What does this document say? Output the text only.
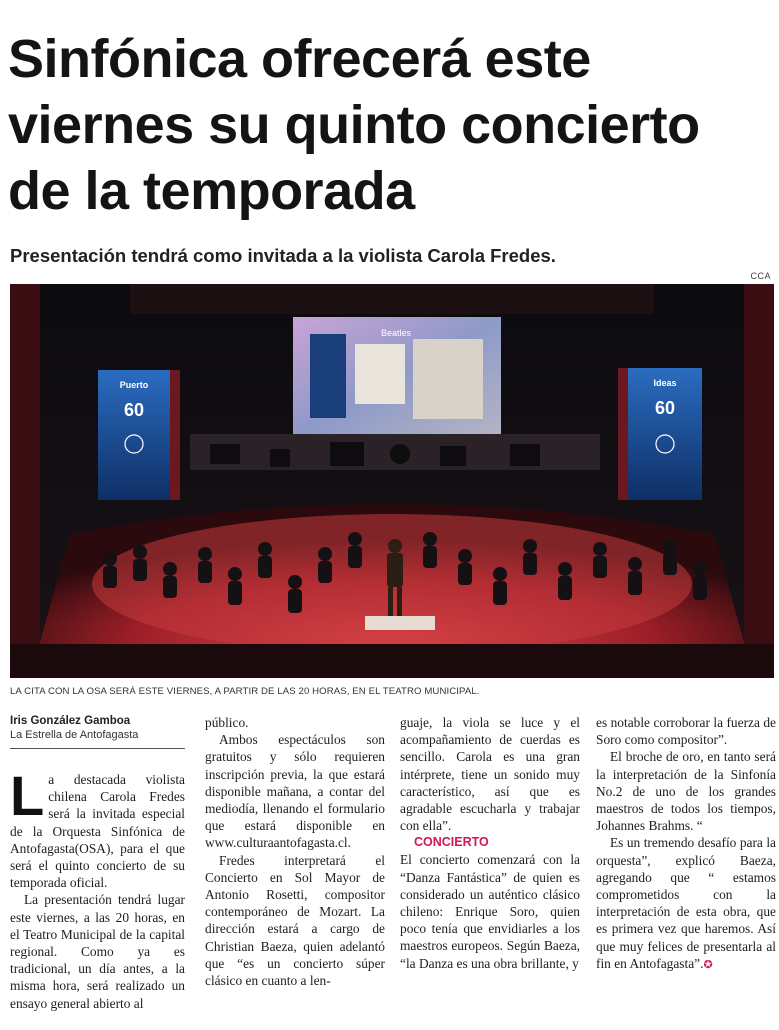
Sinfónica ofrecerá este viernes su quinto concierto de la temporada

Presentación tendrá como invitada a la violista Carola Fredes.

CCA
Beatles
Puerto
60
Ideas
60
LA CITA CON LA OSA SERÁ ESTE VIERNES, A PARTIR DE LAS 20 HORAS, EN EL TEATRO MUNICIPAL.
Iris González Gamboa
La Estrella de Antofagasta

La destacada violista chilena Carola Fredes será la invitada especial de la Orquesta Sinfónica de Antofagasta(OSA), para el que será el quinto concierto de su temporada oficial.

La presentación tendrá lugar este viernes, a las 20 horas, en el Teatro Municipal de la capital regional. Como ya es tradicional, un día antes, a la misma hora, será realizado un ensayo general abierto al

público.

Ambos espectáculos son gratuitos y sólo requieren inscripción previa, la que estará disponible mañana, a contar del mediodía, llenando el formulario que estará disponible en www.culturaantofagasta.cl.

Fredes interpretará el Concierto en Sol Mayor de Antonio Rosetti, compositor contemporáneo de Mozart. La dirección estará a cargo de Christian Baeza, quien adelantó que “es un concierto súper clásico en cuanto a len-

guaje, la viola se luce y el acompañamiento de cuerdas es sencillo. Carola es una gran intérprete, tiene un sonido muy característico, así que es agradable escucharla y trabajar con ella”.

CONCIERTO

El concierto comenzará con la “Danza Fantástica” de quien es considerado un auténtico clásico chileno: Enrique Soro, quien poco tenía que envidiarles a los maestros europeos. Según Baeza, “la Danza es una obra brillante, y

es notable corroborar la fuerza de Soro como compositor”.

El broche de oro, en tanto será la interpretación de la Sinfonía No.2 de uno de los grandes maestros de todos los tiempos, Johannes Brahms. “

Es un tremendo desafío para la orquesta”, explicó Baeza, agregando que “ estamos comprometidos con la interpretación de esta obra, que es primera vez que haremos. Así que muy felices de presentarla al fin en Antofagasta”.✪
